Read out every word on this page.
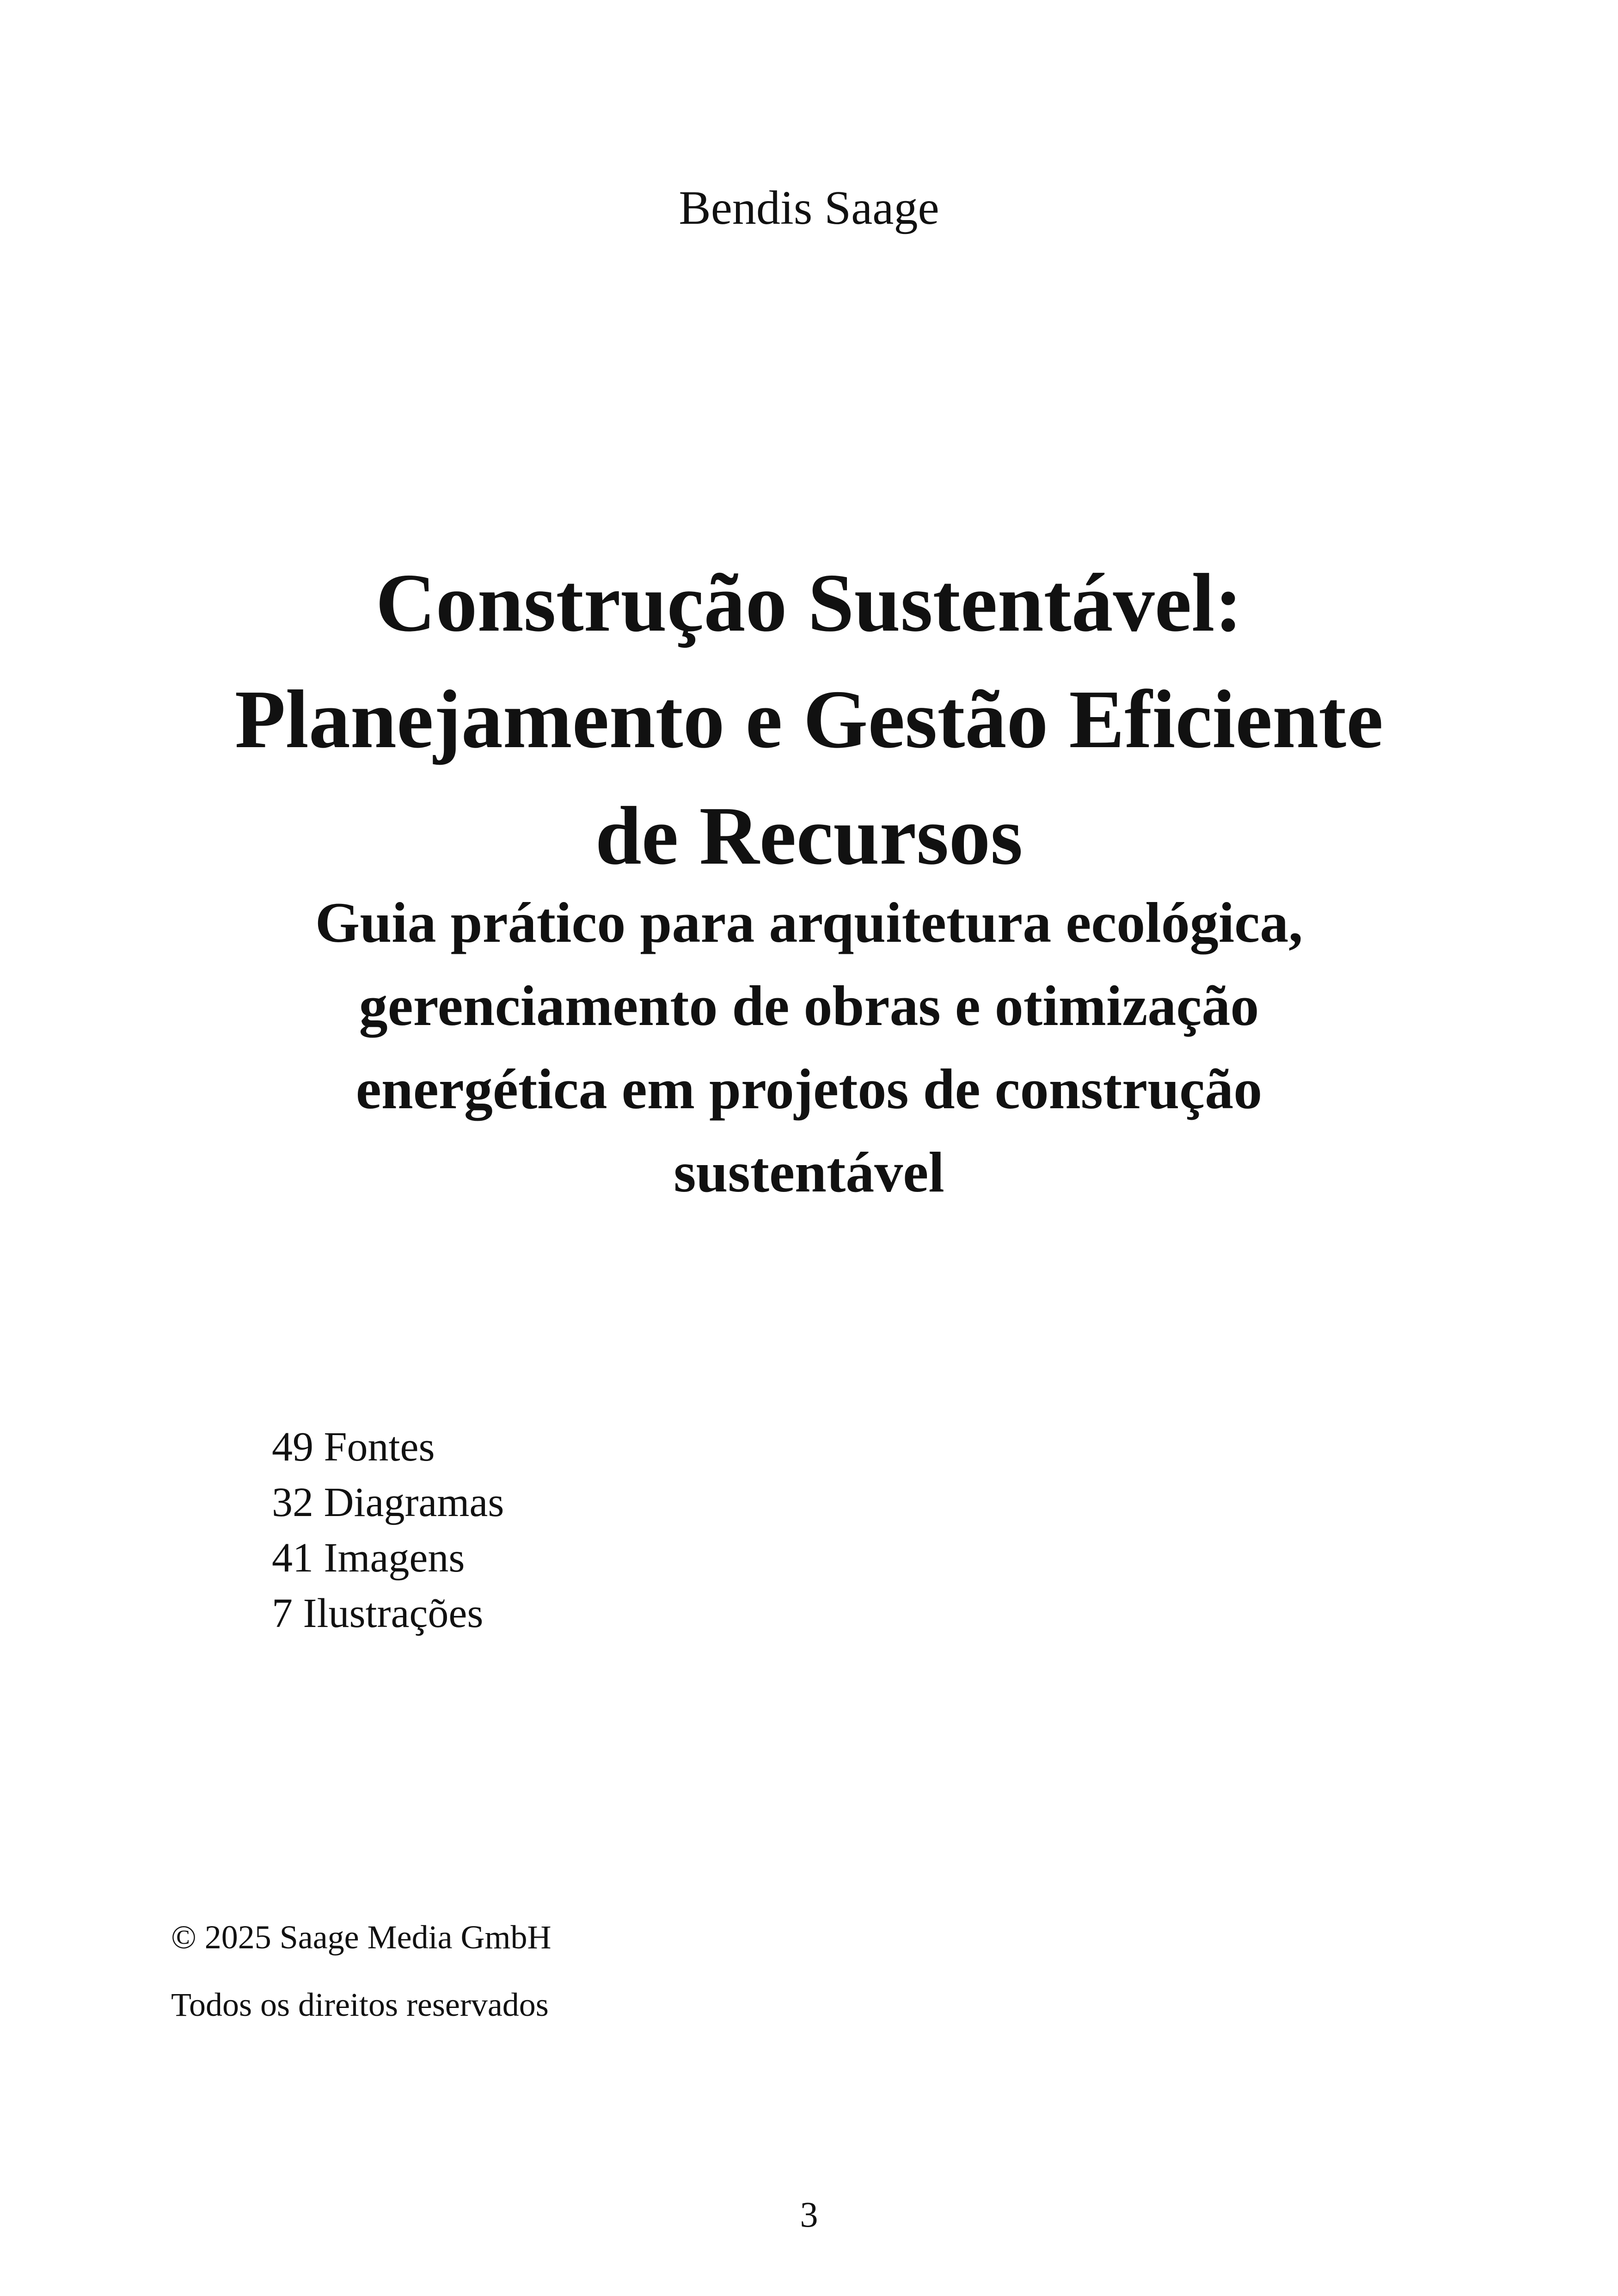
Bendis Saage
Construção Sustentável:
Planejamento e Gestão Eficiente
de Recursos
Guia prático para arquitetura ecológica,
gerenciamento de obras e otimização
energética em projetos de construção
sustentável
49 Fontes
32 Diagramas
41 Imagens
7 Ilustrações
© 2025 Saage Media GmbH
Todos os direitos reservados
3
